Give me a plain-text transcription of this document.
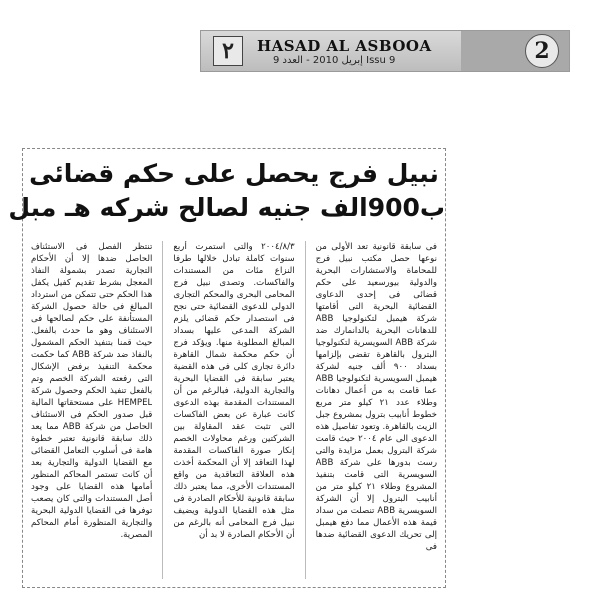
٢	HASAD AL ASBOOA
إبريل 2010 - العدد 9 Issu 9	2
نبيل فرج يحصل على حكم قضائى
ب900الف جنيه لصالح شركه هـ مبل

فى سابقة قانونية تعد الأولى من نوعها حصل مكتب نبيل فرج للمحاماة والاستشارات البحرية والدولية بيورسعيد على حكم قضائى فى إحدى الدعاوى القضائية البحرية التى أقامتها شركة هيمبل لتكنولوجيا ABB للدهانات البحرية بالدانمارك ضد شركة ABB السويسرية لتكنولوجيا البترول بالقاهرة تقضى بإلزامها بسداد ٩٠٠ ألف جنيه لشركة هيمبل السويسرية لتكنولوجيا ABB عما قامت به من أعمال دهانات وطلاء عدد ٢١ كيلو متر مربع خطوط أنابيب بترول بمشروع جبل الزيت بالقاهرة. وتعود تفاصيل هذه الدعوى الى عام ٢٠٠٤ حيث قامت شركة البترول بعمل مزايدة والتى رست بدورها على شركة ABB السويسرية التى قامت بتنفيذ المشروع وطلاء ٢١ كيلو متر من أنابيب البترول إلا أن الشركة السويسرية ABB تنصلت من سداد قيمة هذه الأعمال مما دفع هيمبل إلى تحريك الدعوى القضائية ضدها فى

٢٠٠٤/٨/٣ والتى استمرت أربع سنوات كاملة تبادل خلالها طرفا النزاع مئات من المستندات والفاكسات. وتصدى نبيل فرج المحامى البحرى والمحكم التجارى الدولى للدعوى القضائية حتى نجح فى استصدار حكم قضائى يلزم الشركة المدعى عليها بسداد المبالغ المطلوبة منها. ويؤكد فرج أن حكم محكمة شمال القاهرة دائرة تجارى كلى فى هذه القضية يعتبر سابقة فى القضايا البحرية والتجارية الدولية، فبالرغم من أن المستندات المقدمة بهذه الدعوى كانت عبارة عن بعض الفاكسات التى تثبت عقد المقاولة بين الشركتين ورغم محاولات الخصم إنكار صورة الفاكسات المقدمة لهذا التعاقد إلا أن المحكمة أخذت هذه العلاقة التعاقدية من واقع المستندات الأخرى، مما يعتبر ذلك سابقة قانونية للأحكام الصادرة فى مثل هذه القضايا الدولية ويضيف نبيل فرج المحامى أنه بالرغم من أن الأحكام الصادرة لا بد أن

تنتظر الفصل فى الاستئناف الحاصل ضدها إلا أن الأحكام التجارية تصدر بشمولة النفاذ المعجل بشرط تقديم كفيل يكفل هذا الحكم حتى تتمكن من استرداد المبالغ فى حالة حصول الشركة المستأنفة على حكم لصالحها فى الاستئناف وهو ما حدث بالفعل. حيث قمنا بتنفيذ الحكم المشمول بالنفاذ ضد شركة ABB كما حكمت محكمة التنفيذ برفض الإشكال التى رفعته الشركة الخصم وتم بالفعل تنفيذ الحكم وحصول شركة HEMPEL على مستحقاتها المالية قبل صدور الحكم فى الاستئناف الحاصل من شركة ABB مما يعد ذلك سابقة قانونية تعتبر خطوة هامة فى أسلوب التعامل القضائى مع القضايا الدولية والتجارية بعد أن كانت تستمر المحاكم المنظور أمامها هذه القضايا على وجود أصل المستندات والتى كان يصعب توفرها فى القضايا الدولية البحرية والتجارية المنظورة أمام المحاكم المصرية.
